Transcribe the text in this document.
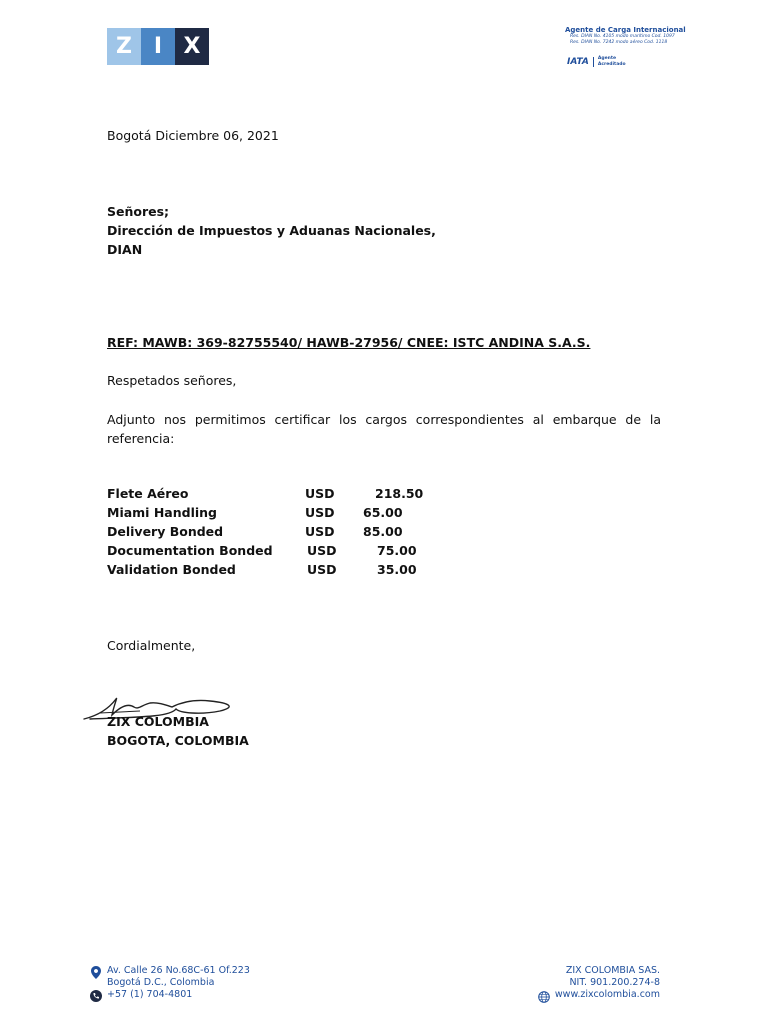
Z I X
Agente de Carga Internacional
Res. DIAN No. 4105 modo marítimo Cod. 1097
Res. DIAN No. 7242 modo aéreo Cod. 1118
IATA	Agente
Acreditado
Bogotá Diciembre 06, 2021
Señores;
Dirección de Impuestos y Aduanas Nacionales,
DIAN
REF: MAWB: 369-82755540/ HAWB-27956/ CNEE: ISTC ANDINA S.A.S.
Respetados señores,
Adjunto nos permitimos certificar los cargos correspondientes al embarque de la referencia:
Flete Aéreo	USD	218.50
Miami Handling	USD 65.00
Delivery Bonded	USD 85.00
Documentation Bonded	USD	75.00
Validation Bonded	USD	35.00
Cordialmente,
ZIX COLOMBIA
BOGOTA, COLOMBIA
Av. Calle 26 No.68C-61 Of.223
Bogotá D.C., Colombia
+57 (1) 704-4801
ZIX COLOMBIA SAS.
NIT. 901.200.274-8
www.zixcolombia.com
